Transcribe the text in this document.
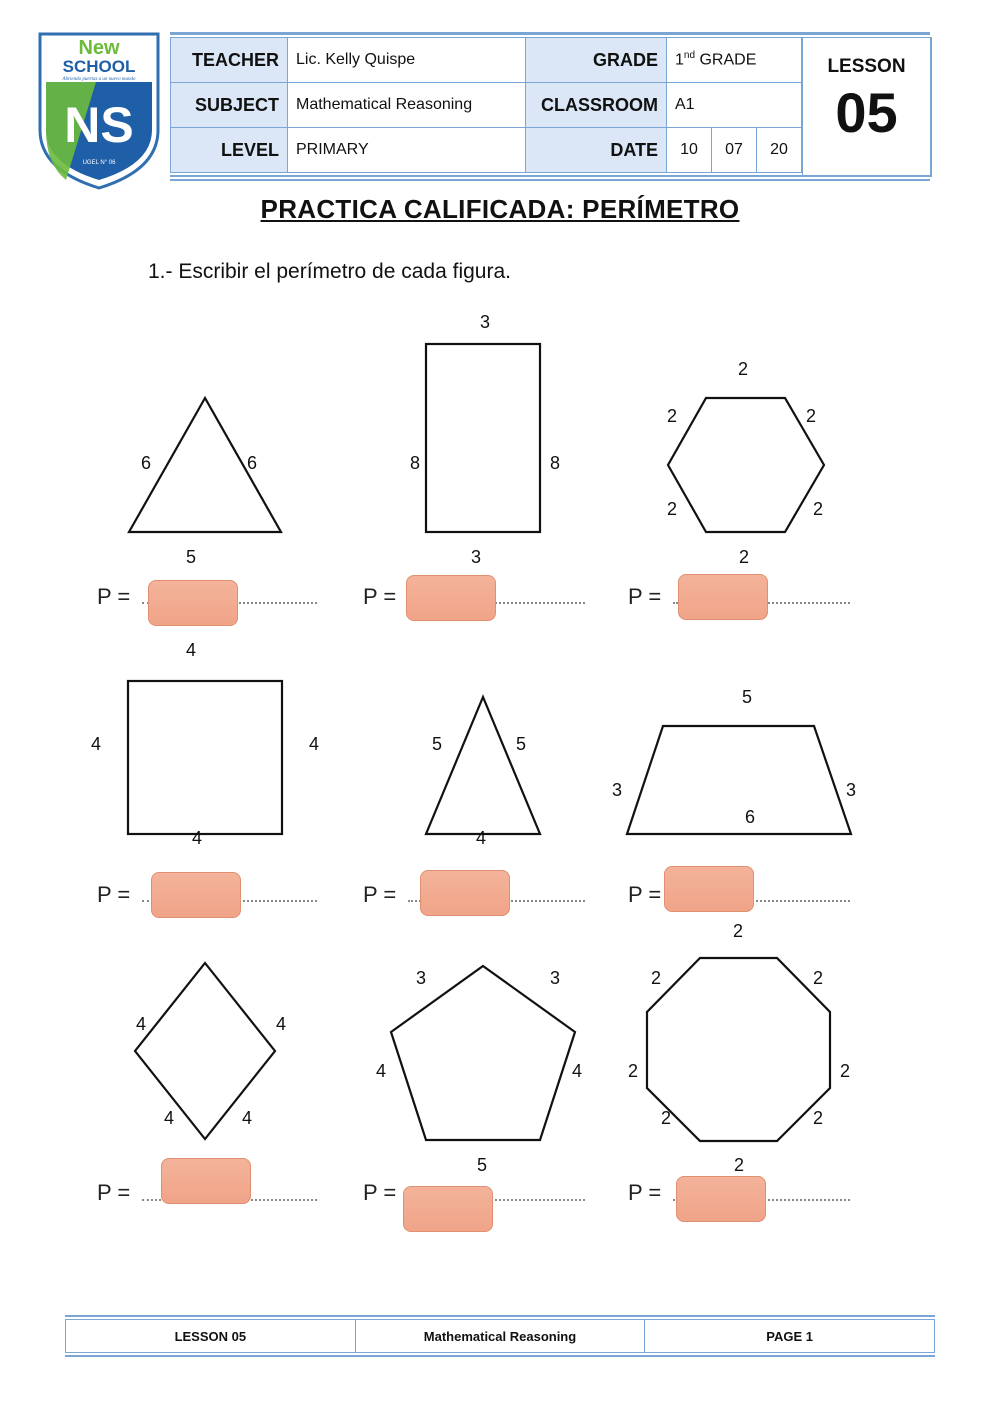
New
SCHOOL
Abriendo puertas a un nuevo mundo
NS
UGEL N° 06
TEACHER	Lic. Kelly Quispe	GRADE	1nd GRADE		
SUBJECT	Mathematical Reasoning	CLASSROOM	A1		
LEVEL	PRIMARY	DATE	10	07	20
LESSON
05
PRACTICA CALIFICADA: PERÍMETRO
1.- Escribir el perímetro de cada figura.
6	6
5
3
8	8
3
2
2	2
2	2
2
4
4	4
4
5	5
4
5
3	3
6
4	4
4	4
3	3
4	4
5
2
2	2
2	2
2	2
2
P =	P =	P =
P =	P =	P =
P =	P =	P =
LESSON 05	Mathematical Reasoning	PAGE 1
